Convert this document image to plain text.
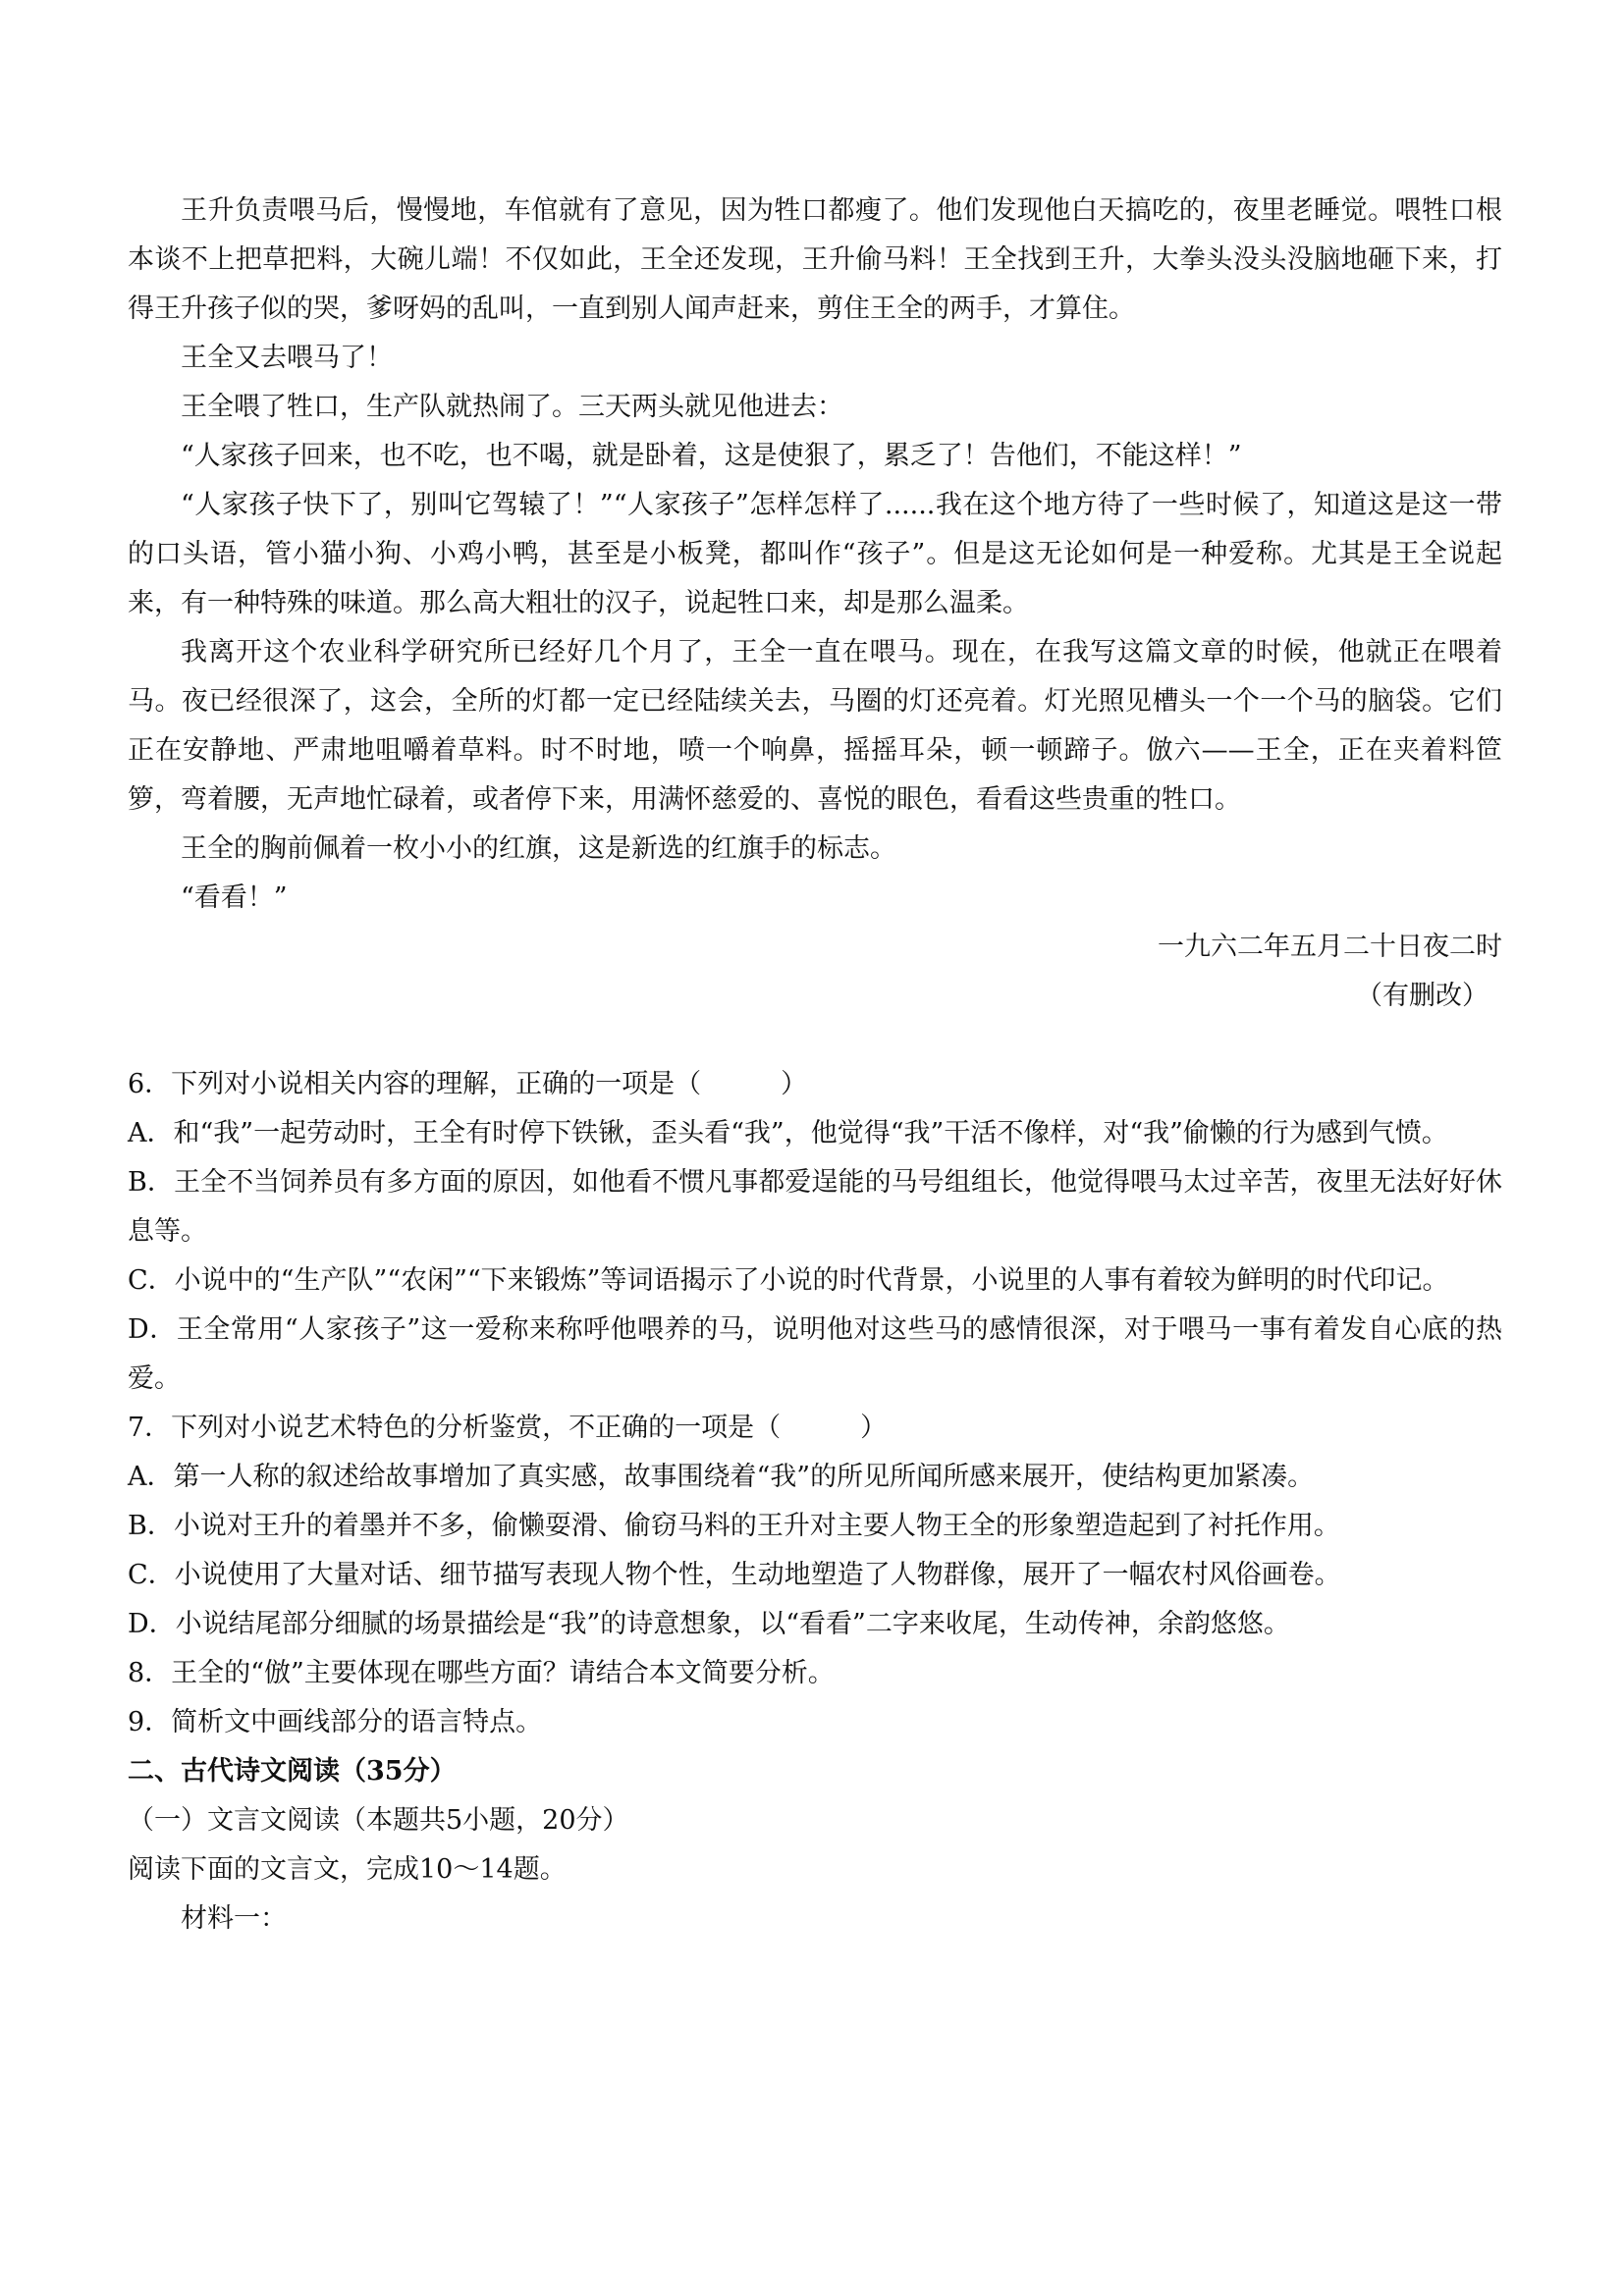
王升负责喂马后，慢慢地，车倌就有了意见，因为牲口都瘦了。他们发现他白天搞吃的，夜里老睡觉。喂牲口根本谈不上把草把料，大碗儿端！不仅如此，王全还发现，王升偷马料！王全找到王升，大拳头没头没脑地砸下来，打得王升孩子似的哭，爹呀妈的乱叫，一直到别人闻声赶来，剪住王全的两手，才算住。

王全又去喂马了！

王全喂了牲口，生产队就热闹了。三天两头就见他进去：

“人家孩子回来，也不吃，也不喝，就是卧着，这是使狠了，累乏了！告他们，不能这样！”

“人家孩子快下了，别叫它驾辕了！”“人家孩子”怎样怎样了......我在这个地方待了一些时候了，知道这是这一带的口头语，管小猫小狗、小鸡小鸭，甚至是小板凳，都叫作“孩子”。但是这无论如何是一种爱称。尤其是王全说起来，有一种特殊的味道。那么高大粗壮的汉子，说起牲口来，却是那么温柔。

我离开这个农业科学研究所已经好几个月了，王全一直在喂马。现在，在我写这篇文章的时候，他就正在喂着马。夜已经很深了，这会，全所的灯都一定已经陆续关去，马圈的灯还亮着。灯光照见槽头一个一个马的脑袋。它们正在安静地、严肃地咀嚼着草料。时不时地，喷一个响鼻，摇摇耳朵，顿一顿蹄子。倣六——王全，正在夹着料笸箩，弯着腰，无声地忙碌着，或者停下来，用满怀慈爱的、喜悦的眼色，看看这些贵重的牲口。

王全的胸前佩着一枚小小的红旗，这是新选的红旗手的标志。

“看看！”

一九六二年五月二十日夜二时

（有删改）

6．下列对小说相关内容的理解，正确的一项是（　　　）

A．和“我”一起劳动时，王全有时停下铁锹，歪头看“我”，他觉得“我”干活不像样，对“我”偷懒的行为感到气愤。

B．王全不当饲养员有多方面的原因，如他看不惯凡事都爱逞能的马号组组长，他觉得喂马太过辛苦，夜里无法好好休息等。

C．小说中的“生产队”“农闲”“下来锻炼”等词语揭示了小说的时代背景，小说里的人事有着较为鲜明的时代印记。

D．王全常用“人家孩子”这一爱称来称呼他喂养的马，说明他对这些马的感情很深，对于喂马一事有着发自心底的热爱。

7．下列对小说艺术特色的分析鉴赏，不正确的一项是（　　　）

A．第一人称的叙述给故事增加了真实感，故事围绕着“我”的所见所闻所感来展开，使结构更加紧凑。

B．小说对王升的着墨并不多，偷懒耍滑、偷窃马料的王升对主要人物王全的形象塑造起到了衬托作用。

C．小说使用了大量对话、细节描写表现人物个性，生动地塑造了人物群像，展开了一幅农村风俗画卷。

D．小说结尾部分细腻的场景描绘是“我”的诗意想象，以“看看”二字来收尾，生动传神，余韵悠悠。

8．王全的“倣”主要体现在哪些方面？请结合本文简要分析。

9．简析文中画线部分的语言特点。

二、古代诗文阅读（35分）

（一）文言文阅读（本题共5小题，20分）

阅读下面的文言文，完成10～14题。

材料一：
